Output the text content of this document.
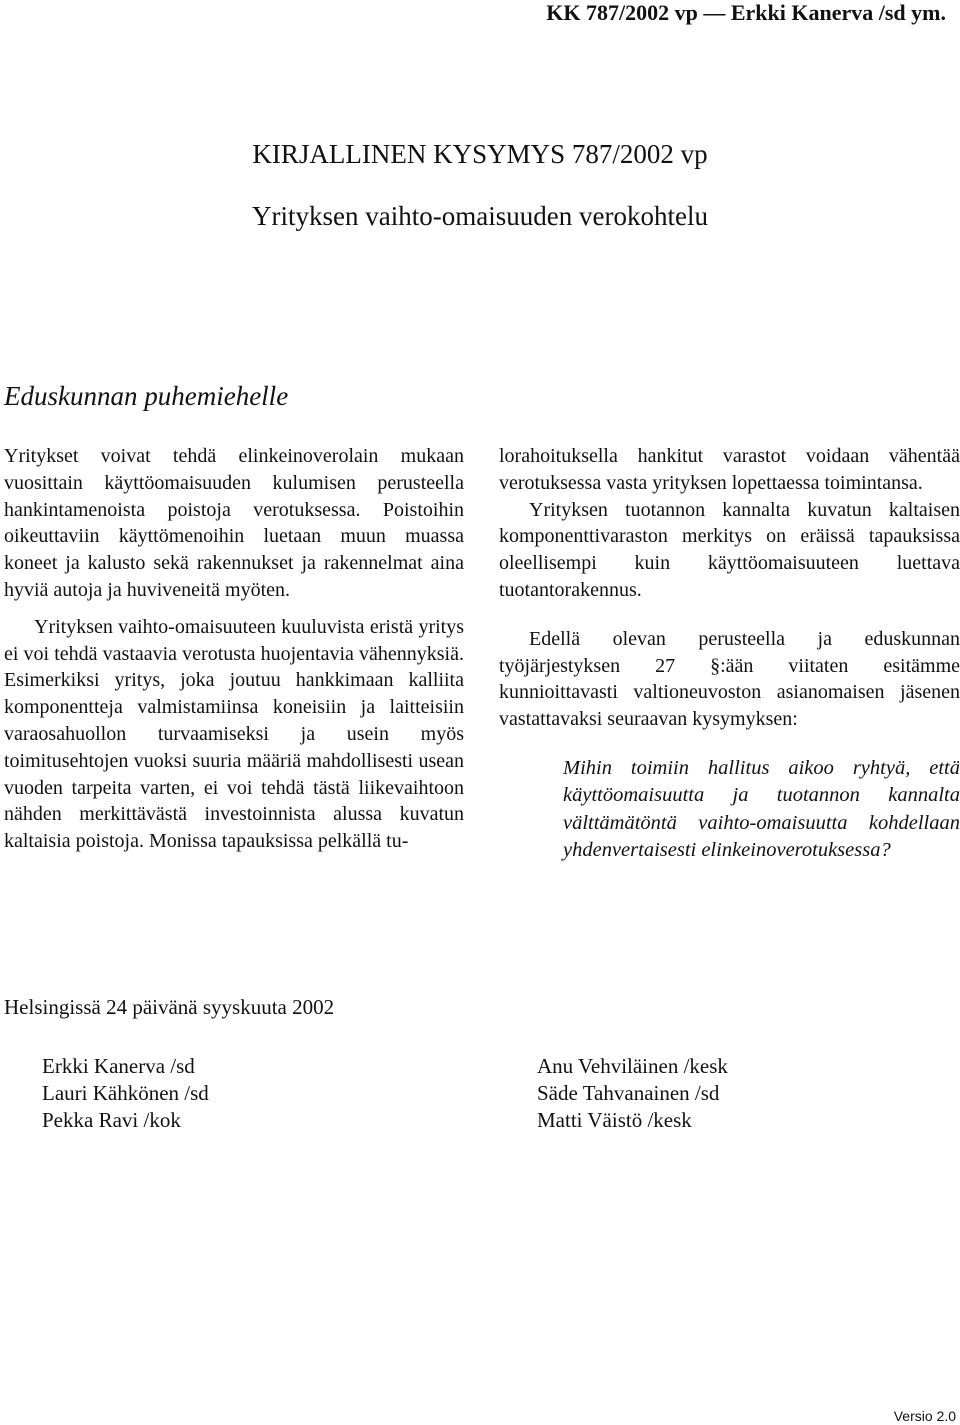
KK 787/2002 vp — Erkki Kanerva /sd ym.
KIRJALLINEN KYSYMYS 787/2002 vp
Yrityksen vaihto-omaisuuden verokohtelu
Eduskunnan puhemiehelle

Yritykset voivat tehdä elinkeinoverolain mukaan vuosittain käyttöomaisuuden kulumisen perusteella hankintamenoista poistoja verotuksessa. Poistoihin oikeuttaviin käyttömenoihin luetaan muun muassa koneet ja kalusto sekä rakennukset ja rakennelmat aina hyviä autoja ja huviveneitä myöten.

Yrityksen vaihto-omaisuuteen kuuluvista eristä yritys ei voi tehdä vastaavia verotusta huojentavia vähennyksiä. Esimerkiksi yritys, joka joutuu hankkimaan kalliita komponentteja valmistamiinsa koneisiin ja laitteisiin varaosahuollon turvaamiseksi ja usein myös toimitusehtojen vuoksi suuria määriä mahdollisesti usean vuoden tarpeita varten, ei voi tehdä tästä liikevaihtoon nähden merkittävästä investoinnista alussa kuvatun kaltaisia poistoja. Monissa tapauksissa pelkällä tu-

lorahoituksella hankitut varastot voidaan vähentää verotuksessa vasta yrityksen lopettaessa toimintansa.

Yrityksen tuotannon kannalta kuvatun kaltaisen komponenttivaraston merkitys on eräissä tapauksissa oleellisempi kuin käyttöomaisuuteen luettava tuotantorakennus.

Edellä olevan perusteella ja eduskunnan työjärjestyksen 27 §:ään viitaten esitämme kunnioittavasti valtioneuvoston asianomaisen jäsenen vastattavaksi seuraavan kysymyksen:

Mihin toimiin hallitus aikoo ryhtyä, että käyttöomaisuutta ja tuotannon kannalta välttämätöntä vaihto-omaisuutta kohdellaan yhdenvertaisesti elinkeinoverotuksessa?

Helsingissä 24 päivänä syyskuuta 2002
Erkki Kanerva /sd
Lauri Kähkönen /sd
Pekka Ravi /kok
Anu Vehviläinen /kesk
Säde Tahvanainen /sd
Matti Väistö /kesk
Versio 2.0
